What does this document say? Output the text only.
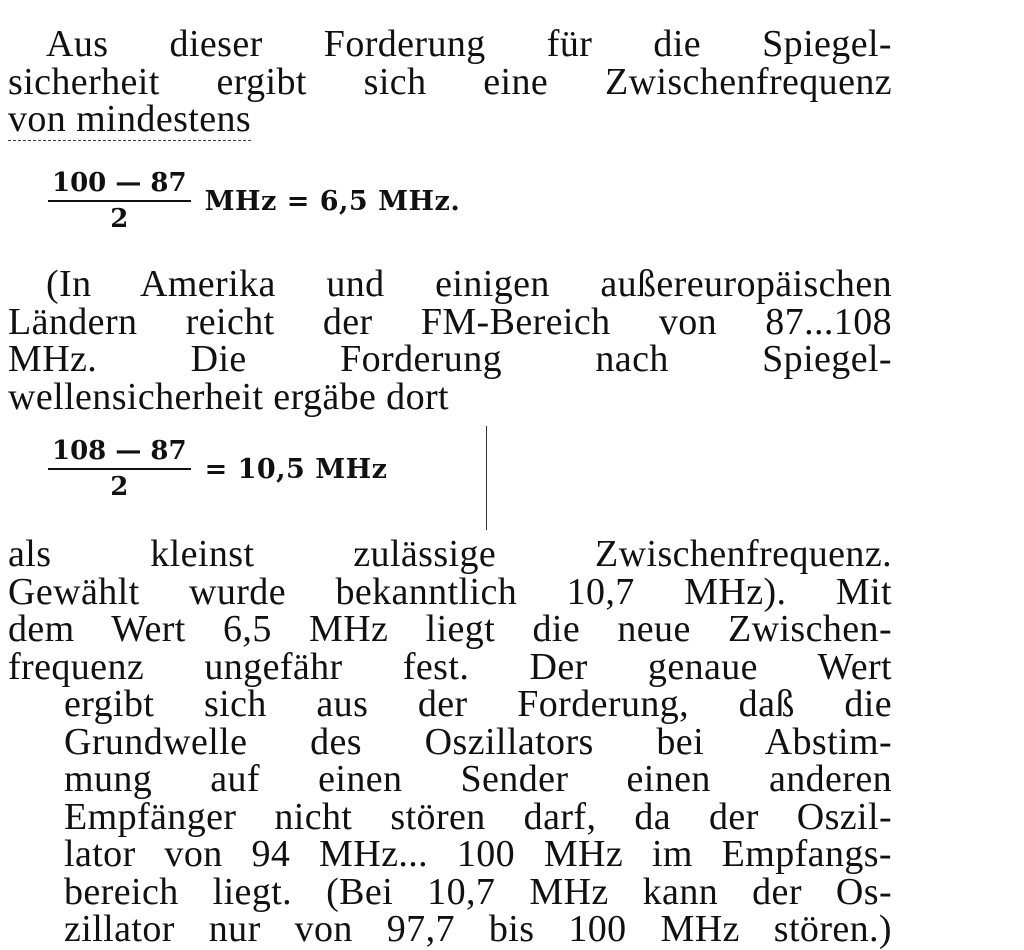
Aus dieser Forderung für die Spiegel-
sicherheit ergibt sich eine Zwischenfrequenz
von mindestens
$\frac{100 — 87}{2}$ MHz = 6,5 MHz.
(In Amerika und einigen außereuropäischen
Ländern reicht der FM-Bereich von 87...108
MHz. Die Forderung nach Spiegel-
wellensicherheit ergäbe dort
$\frac{108 — 87}{2} = 10,5$ MHz
als kleinst zulässige Zwischenfrequenz.
Gewählt wurde bekanntlich 10,7 MHz). Mit
dem Wert 6,5 MHz liegt die neue Zwischen-
frequenz ungefähr fest. Der genaue Wert
ergibt sich aus der Forderung, daß die
Grundwelle des Oszillators bei Abstim-
mung auf einen Sender einen anderen
Empfänger nicht stören darf, da der Oszil-
lator von 94 MHz... 100 MHz im Empfangs-
bereich liegt. (Bei 10,7 MHz kann der Os-
zillator nur von 97,7 bis 100 MHz stören.)
